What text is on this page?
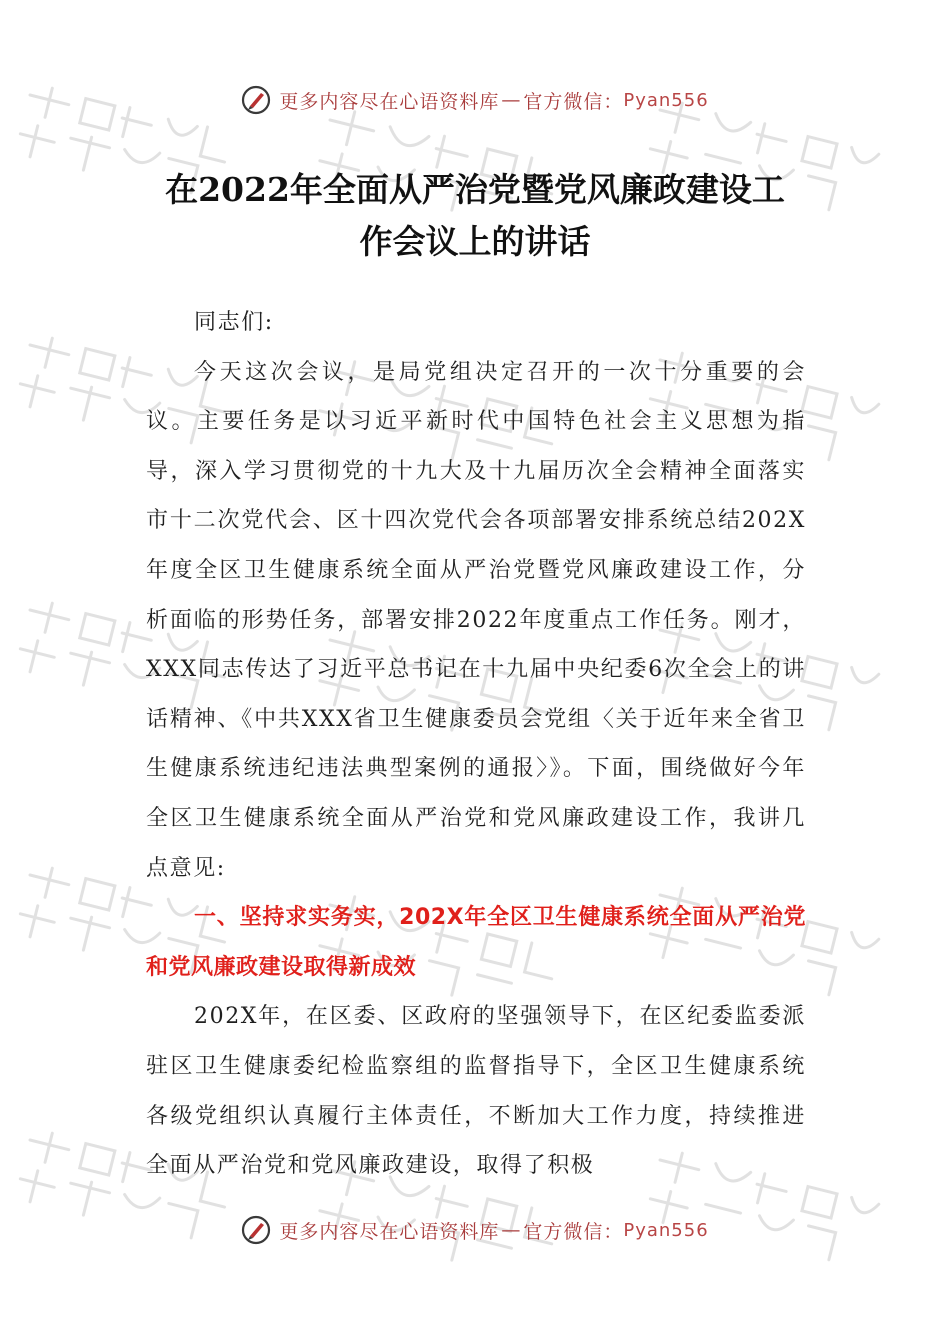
更多内容尽在心语资料库 — 官方微信： Pyan556
在2022年全面从严治党暨党风廉政建设工
作会议上的讲话

同志们:

今天这次会议，是局党组决定召开的一次十分重要的会议。主要任务是以习近平新时代中国特色社会主义思想为指导，深入学习贯彻党的十九大及十九届历次全会精神全面落实市十二次党代会、区十四次党代会各项部署安排系统总结202X年度全区卫生健康系统全面从严治党暨党风廉政建设工作，分析面临的形势任务，部署安排2022年度重点工作任务。刚才，XXX同志传达了习近平总书记在十九届中央纪委6次全会上的讲话精神、《中共XXX省卫生健康委员会党组〈关于近年来全省卫生健康系统违纪违法典型案例的通报〉》。下面，围绕做好今年全区卫生健康系统全面从严治党和党风廉政建设工作，我讲几点意见:

一、坚持求实务实，202X年全区卫生健康系统全面从严治党和党风廉政建设取得新成效

202X年，在区委、区政府的坚强领导下，在区纪委监委派驻区卫生健康委纪检监察组的监督指导下，全区卫生健康系统各级党组织认真履行主体责任，不断加大工作力度，持续推进全面从严治党和党风廉政建设，取得了积极

更多内容尽在心语资料库 — 官方微信： Pyan556
